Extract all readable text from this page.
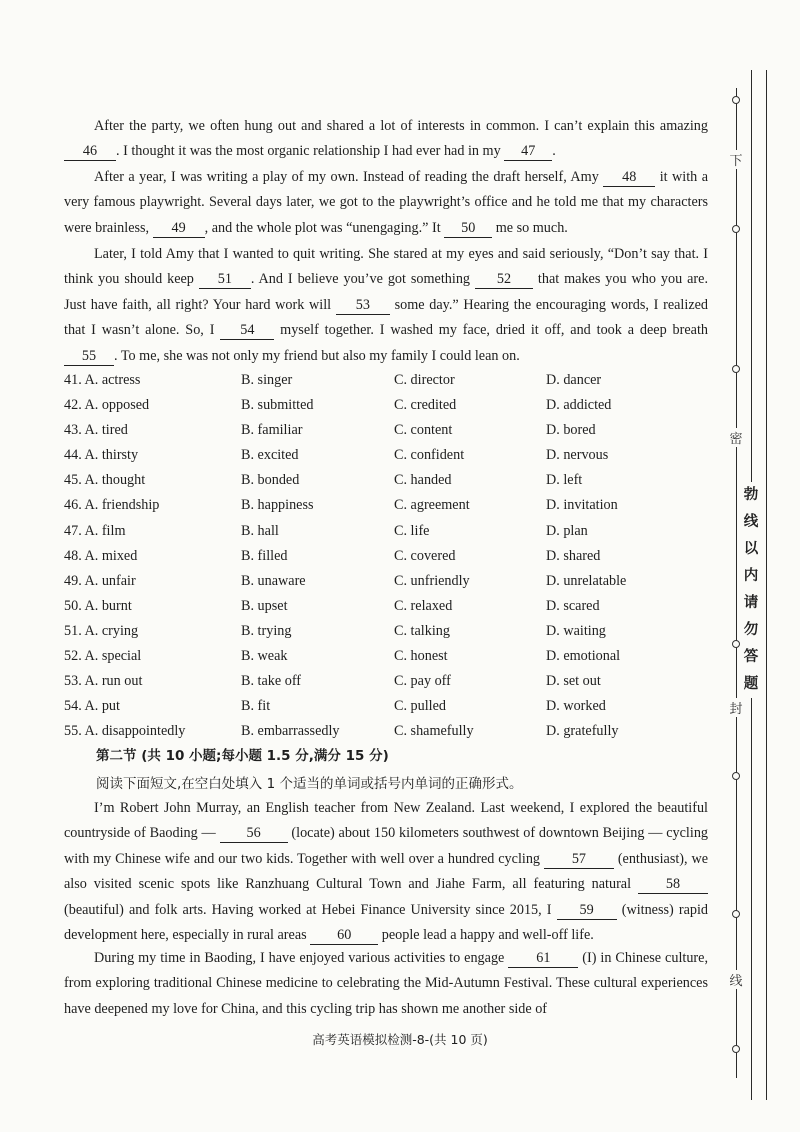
After the party, we often hung out and shared a lot of interests in common. I can’t explain this amazing 46 . I thought it was the most organic relationship I had ever had in my 47 .
After a year, I was writing a play of my own. Instead of reading the draft herself, Amy 48 it with a very famous playwright. Several days later, we got to the playwright’s office and he told me that my characters were brainless, 49 , and the whole plot was “unengaging.” It 50 me so much.
Later, I told Amy that I wanted to quit writing. She stared at my eyes and said seriously, “Don’t say that. I think you should keep 51 . And I believe you’ve got something 52 that makes you who you are. Just have faith, all right? Your hard work will 53 some day.” Hearing the encouraging words, I realized that I wasn’t alone. So, I 54 myself together. I washed my face, dried it off, and took a deep breath 55 . To me, she was not only my friend but also my family I could lean on.
41. A. actress	B. singer	C. director	D. dancer
42. A. opposed	B. submitted	C. credited	D. addicted
43. A. tired	B. familiar	C. content	D. bored
44. A. thirsty	B. excited	C. confident	D. nervous
45. A. thought	B. bonded	C. handed	D. left
46. A. friendship	B. happiness	C. agreement	D. invitation
47. A. film	B. hall	C. life	D. plan
48. A. mixed	B. filled	C. covered	D. shared
49. A. unfair	B. unaware	C. unfriendly	D. unrelatable
50. A. burnt	B. upset	C. relaxed	D. scared
51. A. crying	B. trying	C. talking	D. waiting
52. A. special	B. weak	C. honest	D. emotional
53. A. run out	B. take off	C. pay off	D. set out
54. A. put	B. fit	C. pulled	D. worked
55. A. disappointedly	B. embarrassedly	C. shamefully	D. gratefully
第二节 (共 10 小题;每小题 1.5 分,满分 15 分)
阅读下面短文,在空白处填入 1 个适当的单词或括号内单词的正确形式。
I’m Robert John Murray, an English teacher from New Zealand. Last weekend, I explored the beautiful countryside of Baoding — 56 (locate) about 150 kilometers southwest of downtown Beijing — cycling with my Chinese wife and our two kids. Together with well over a hundred cycling 57 (enthusiast), we also visited scenic spots like Ranzhuang Cultural Town and Jiahe Farm, all featuring natural 58 (beautiful) and folk arts. Having worked at Hebei Finance University since 2015, I 59 (witness) rapid development here, especially in rural areas 60 people lead a happy and well-off life.
During my time in Baoding, I have enjoyed various activities to engage 61 (I) in Chinese culture, from exploring traditional Chinese medicine to celebrating the Mid-Autumn Festival. These cultural experiences have deepened my love for China, and this cycling trip has shown me another side of
高考英语模拟检测-8-(共 10 页)
下
密
封
线
勃
线
以
内
请
勿
答
题
